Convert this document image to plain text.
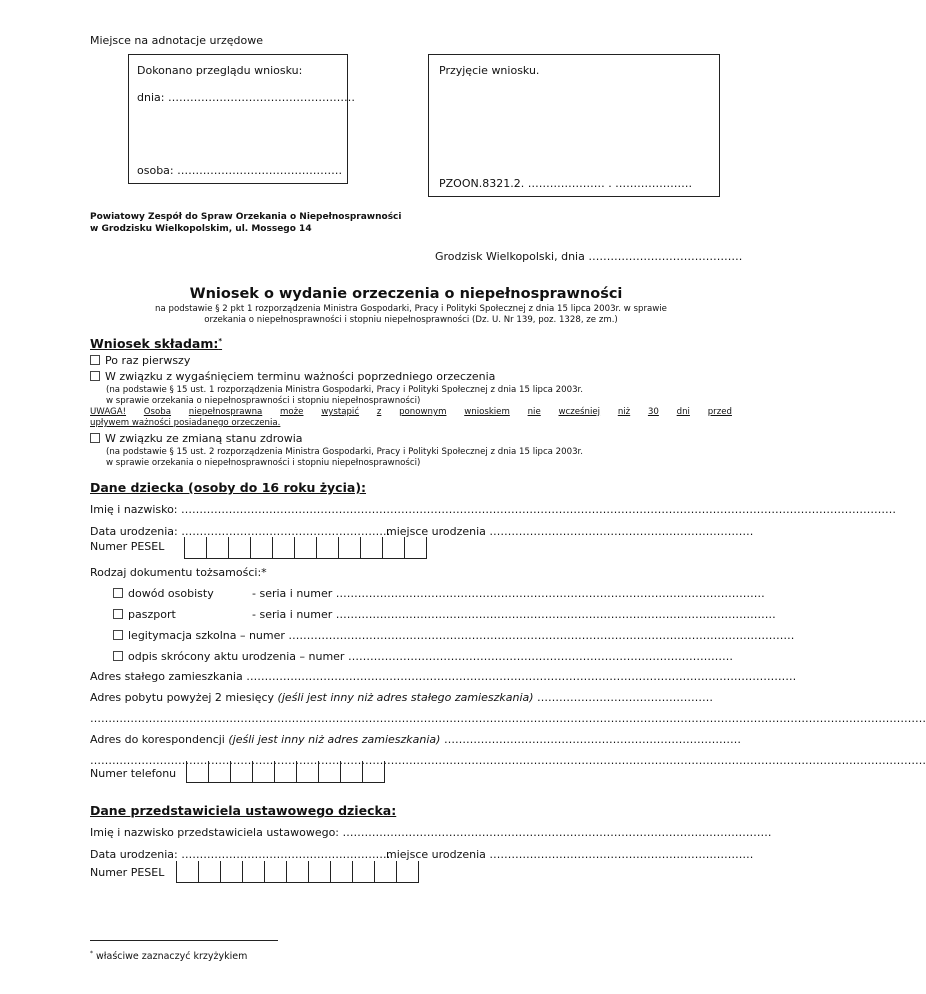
Miejsce na adnotacje urzędowe
Dokonano przeglądu wniosku:
dnia: ……………………………………………
osoba: ………………………………………
Przyjęcie wniosku.
PZOON.8321.2. ………………… . …………………
Powiatowy Zespół do Spraw Orzekania o Niepełnosprawności
w Grodzisku Wielkopolskim, ul. Mossego 14
Grodzisk Wielkopolski, dnia ……………………………………
Wniosek o wydanie orzeczenia o niepełnosprawności
na podstawie § 2 pkt 1 rozporządzenia Ministra Gospodarki, Pracy i Polityki Społecznej z dnia 15 lipca 2003r. w sprawie
orzekania o niepełnosprawności i stopniu niepełnosprawności (Dz. U. Nr 139, poz. 1328, ze zm.)
Wniosek składam:*
Po raz pierwszy
W związku z wygaśnięciem terminu ważności poprzedniego orzeczenia
(na podstawie § 15 ust. 1 rozporządzenia Ministra Gospodarki, Pracy i Polityki Społecznej z dnia 15 lipca 2003r.
w sprawie orzekania o niepełnosprawności i stopniu niepełnosprawności)
UWAGA! Osoba niepełnosprawna może wystąpić z ponownym wnioskiem nie wcześniej niż 30 dni przed
upływem ważności posiadanego orzeczenia.
W związku ze zmianą stanu zdrowia
(na podstawie § 15 ust. 2 rozporządzenia Ministra Gospodarki, Pracy i Polityki Społecznej z dnia 15 lipca 2003r.
w sprawie orzekania o niepełnosprawności i stopniu niepełnosprawności)
Dane dziecka (osoby do 16 roku życia):
Imię i nazwisko: ……………………………………………………………………………………………………………………………………………………………………………
Data urodzenia: …………………………………………………
miejsce urodzenia ………………………………………………………………
Numer PESEL
Rodzaj dokumentu tożsamości:*
dowód osobisty	- seria i numer ………………………………………………………………………………………………………
paszport	- seria i numer …………………………………………………………………………………………………………
legitymacja szkolna – numer …………………………………………………………………………………………………………………………
odpis skrócony aktu urodzenia – numer ……………………………………………………………………………………………
Adres stałego zamieszkania ……………………………………………………………………………………………………………………………………
Adres pobytu powyżej 2 miesięcy (jeśli jest inny niż adres stałego zamieszkania) …………………………………………
…………………………………………………………………………………………………………………………………………………………………………………………………………
Adres do korespondencji (jeśli jest inny niż adres zamieszkania) ………………………………………………………………………
…………………………………………………………………………………………………………………………………………………………………………………………………………
Numer telefonu
Dane przedstawiciela ustawowego dziecka:
Imię i nazwisko przedstawiciela ustawowego: ………………………………………………………………………………………………………
Data urodzenia: …………………………………………………
miejsce urodzenia ………………………………………………………………
Numer PESEL
* właściwe zaznaczyć krzyżykiem
